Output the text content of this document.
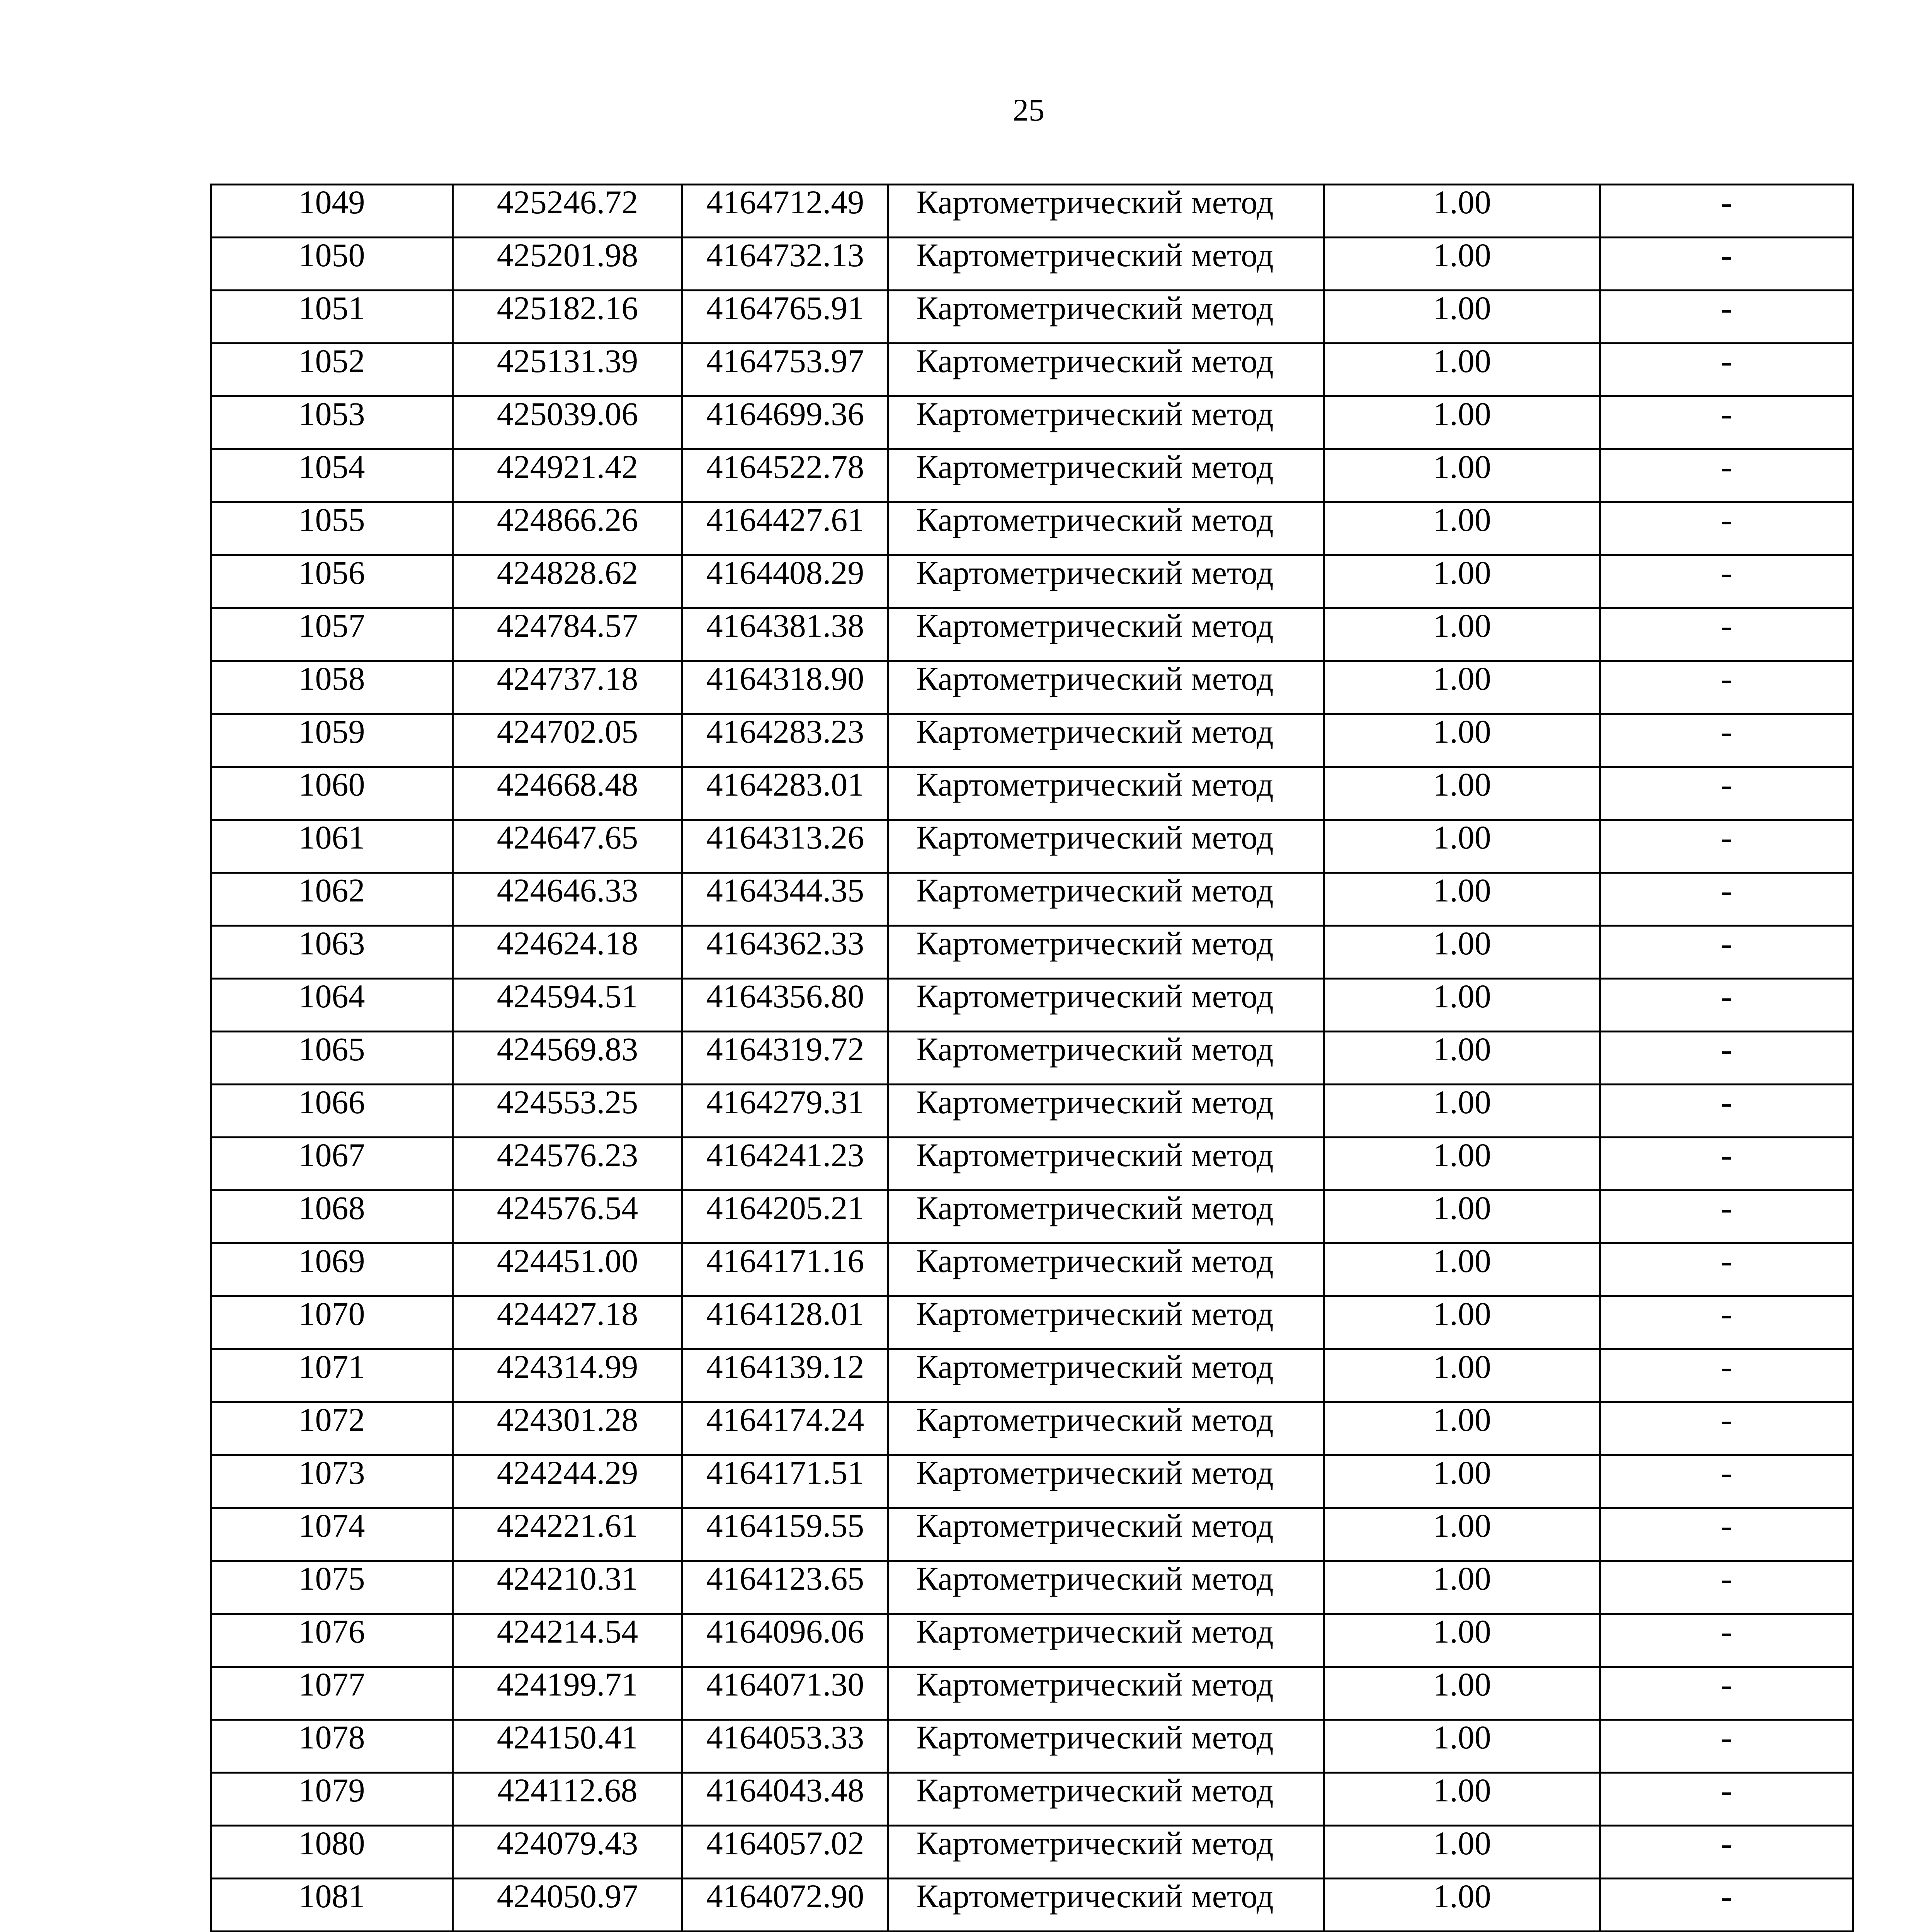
25
1049	425246.72	4164712.49	Картометрический метод	1.00	-
1050	425201.98	4164732.13	Картометрический метод	1.00	-
1051	425182.16	4164765.91	Картометрический метод	1.00	-
1052	425131.39	4164753.97	Картометрический метод	1.00	-
1053	425039.06	4164699.36	Картометрический метод	1.00	-
1054	424921.42	4164522.78	Картометрический метод	1.00	-
1055	424866.26	4164427.61	Картометрический метод	1.00	-
1056	424828.62	4164408.29	Картометрический метод	1.00	-
1057	424784.57	4164381.38	Картометрический метод	1.00	-
1058	424737.18	4164318.90	Картометрический метод	1.00	-
1059	424702.05	4164283.23	Картометрический метод	1.00	-
1060	424668.48	4164283.01	Картометрический метод	1.00	-
1061	424647.65	4164313.26	Картометрический метод	1.00	-
1062	424646.33	4164344.35	Картометрический метод	1.00	-
1063	424624.18	4164362.33	Картометрический метод	1.00	-
1064	424594.51	4164356.80	Картометрический метод	1.00	-
1065	424569.83	4164319.72	Картометрический метод	1.00	-
1066	424553.25	4164279.31	Картометрический метод	1.00	-
1067	424576.23	4164241.23	Картометрический метод	1.00	-
1068	424576.54	4164205.21	Картометрический метод	1.00	-
1069	424451.00	4164171.16	Картометрический метод	1.00	-
1070	424427.18	4164128.01	Картометрический метод	1.00	-
1071	424314.99	4164139.12	Картометрический метод	1.00	-
1072	424301.28	4164174.24	Картометрический метод	1.00	-
1073	424244.29	4164171.51	Картометрический метод	1.00	-
1074	424221.61	4164159.55	Картометрический метод	1.00	-
1075	424210.31	4164123.65	Картометрический метод	1.00	-
1076	424214.54	4164096.06	Картометрический метод	1.00	-
1077	424199.71	4164071.30	Картометрический метод	1.00	-
1078	424150.41	4164053.33	Картометрический метод	1.00	-
1079	424112.68	4164043.48	Картометрический метод	1.00	-
1080	424079.43	4164057.02	Картометрический метод	1.00	-
1081	424050.97	4164072.90	Картометрический метод	1.00	-
